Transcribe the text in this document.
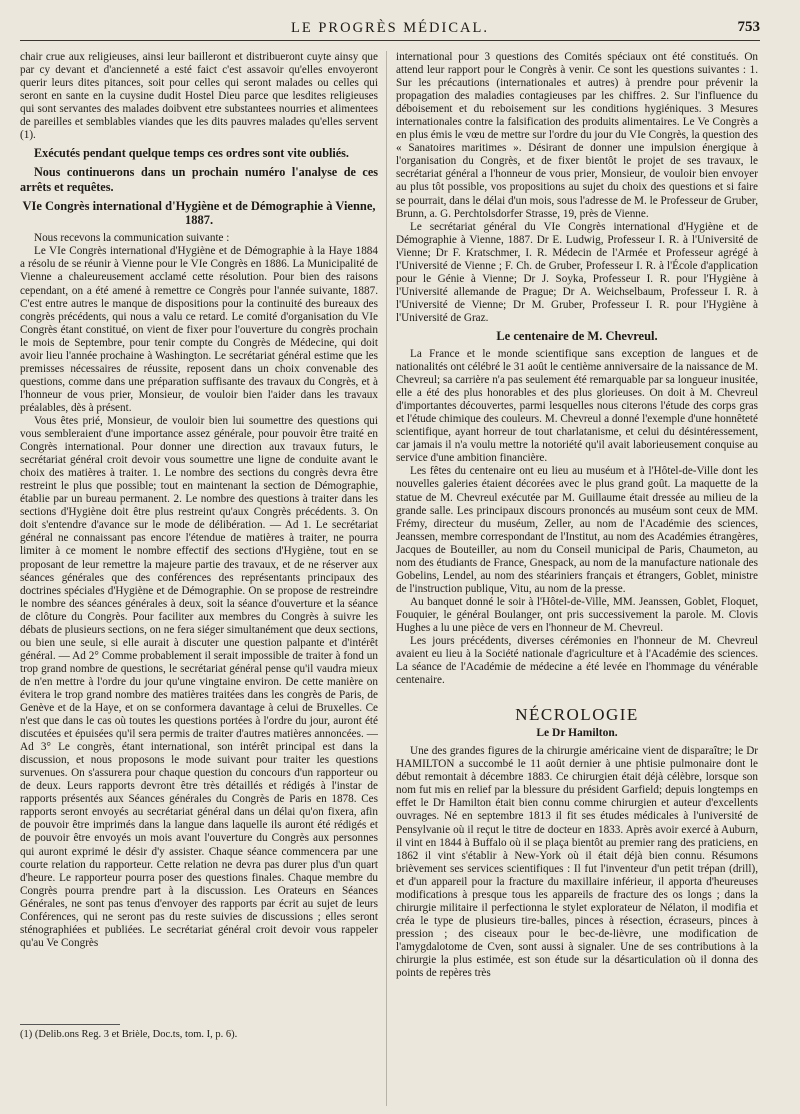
LE PROGRÈS MÉDICAL.	753

chair crue aux religieuses, ainsi leur bailleront et distribueront cuyte ainsy que par cy devant et d'ancienneté a esté faict c'est assavoir qu'elles envoyeront querir leurs dites pitances, soit pour celles qui seront malades ou celles qui seront en sante en la cuysine dudit Hostel Dieu parce que lesdites religieuses qui sont servantes des malades doibvent etre substantees nourries et alimentees de pareilles et semblables viandes que les dits pauvres malades qu'elles servent (1).

Exécutés pendant quelque temps ces ordres sont vite oubliés.

Nous continuerons dans un prochain numéro l'analyse de ces arrêts et requêtes.

VIe Congrès international d'Hygiène et de Démographie à Vienne, 1887.

Nous recevons la communication suivante :

Le VIe Congrès international d'Hygiène et de Démographie à la Haye 1884 a résolu de se réunir à Vienne pour le VIe Congrès en 1886. La Municipalité de Vienne a chaleureusement acclamé cette résolution. Pour bien des raisons cependant, on a été amené à remettre ce Congrès pour l'année suivante, 1887. C'est entre autres le manque de dispositions pour la continuité des bureaux des congrès précédents, qui nous a valu ce retard. Le comité d'organisation du VIe Congrès étant constitué, on vient de fixer pour l'ouverture du congrès prochain le mois de Septembre, pour tenir compte du Congrès de Médecine, qui doit avoir lieu l'année prochaine à Washington. Le secrétariat général estime que les premisses nécessaires de réussite, reposent dans un choix convenable des questions, comme dans une préparation suffisante des travaux du Congrès, et à l'honneur de vous prier, Monsieur, de vouloir bien l'aider dans les travaux préalables, dès à présent.

Vous êtes prié, Monsieur, de vouloir bien lui soumettre des questions qui vous sembleraient d'une importance assez générale, pour pouvoir être traité en Congrès international. Pour donner une direction aux travaux futurs, le secrétariat général croit devoir vous soumettre une ligne de conduite avant le choix des matières à traiter. 1. Le nombre des sections du congrès devra être restreint le plus que possible; tout en maintenant la section de Démographie, établie par un bureau permanent. 2. Le nombre des questions à traiter dans les sections d'Hygiène doit être plus restreint qu'aux Congrès précédents. 3. On doit s'entendre d'avance sur le mode de délibération. — Ad 1. Le secrétariat général ne connaissant pas encore l'étendue de matières à traiter, ne pourra limiter à ce moment le nombre effectif des sections d'Hygiène, tout en se proposant de leur remettre la majeure partie des travaux, et de ne réserver aux séances générales que des conférences des représentants principaux des doctrines spéciales d'Hygiène et de Démographie. On se propose de restreindre le nombre des séances générales à deux, soit la séance d'ouverture et la séance de clôture du Congrès. Pour faciliter aux membres du Congrès à suivre les débats de plusieurs sections, on ne fera siéger simultanément que deux sections, ou bien une seule, si elle aurait à discuter une question palpante et d'intérêt général. — Ad 2° Comme probablement il serait impossible de traiter à fond un trop grand nombre de questions, le secrétariat général pense qu'il vaudra mieux de n'en mettre à l'ordre du jour qu'une vingtaine environ. De cette manière on évitera le trop grand nombre des matières traitées dans les congrès de Paris, de Genève et de la Haye, et on se conformera davantage à celui de Bruxelles. Ce n'est que dans le cas où toutes les questions portées à l'ordre du jour, auront été discutées et épuisées qu'il sera permis de traiter d'autres matières annoncées. — Ad 3° Le congrès, étant international, son intérêt principal est dans la discussion, et nous proposons le mode suivant pour traiter les questions survenues. On s'assurera pour chaque question du concours d'un rapporteur ou de deux. Leurs rapports devront être très détaillés et rédigés à l'instar de rapports présentés aux Séances générales du Congrès de Paris en 1878. Ces rapports seront envoyés au secrétariat général dans un délai qu'on fixera, afin de pouvoir être imprimés dans la langue dans laquelle ils auront été rédigés et de pouvoir être envoyés un mois avant l'ouverture du Congrès aux personnes qui auront exprimé le désir d'y assister. Chaque séance commencera par une courte relation du rapporteur. Cette relation ne devra pas durer plus d'un quart d'heure. Le rapporteur pourra poser des questions finales. Chaque membre du Congrès pourra prendre part à la discussion. Les Orateurs en Séances Générales, ne sont pas tenus d'envoyer des rapports par écrit au sujet de leurs Conférences, qui ne seront pas du reste suivies de discussions ; elles seront sténographiées et publiées. Le secrétariat général croit devoir vous rappeler qu'au Ve Congrès

(1) (Delib.ons Reg. 3 et Brièle, Doc.ts, tom. I, p. 6).

international pour 3 questions des Comités spéciaux ont été constitués. On attend leur rapport pour le Congrès à venir. Ce sont les questions suivantes : 1. Sur les précautions (internationales et autres) à prendre pour prévenir la propagation des maladies contagieuses par les chiffres. 2. Sur l'influence du déboisement et du reboisement sur les conditions hygiéniques. 3 Mesures internationales contre la falsification des produits alimentaires. Le Ve Congrès a en plus émis le vœu de mettre sur l'ordre du jour du VIe Congrès, la question des « Sanatoires maritimes ». Désirant de donner une impulsion énergique à l'organisation du Congrès, et de fixer bientôt le projet de ses travaux, le secrétariat général a l'honneur de vous prier, Monsieur, de vouloir bien envoyer au plus tôt possible, vos propositions au sujet du choix des questions et si faire se pourrait, dans le délai d'un mois, sous l'adresse de M. le Professeur de Gruber, Brunn, a. G. Perchtolsdorfer Strasse, 19, près de Vienne.

Le secrétariat général du VIe Congrès international d'Hygiène et de Démographie à Vienne, 1887. Dr E. Ludwig, Professeur I. R. à l'Université de Vienne; Dr F. Kratschmer, I. R. Médecin de l'Armée et Professeur agrégé à l'Université de Vienne ; F. Ch. de Gruber, Professeur I. R. à l'École d'application pour le Génie à Vienne; Dr J. Soyka, Professeur I. R. pour l'Hygiène à l'Université allemande de Prague; Dr A. Weichselbaum, Professeur I. R. à l'Université de Vienne; Dr M. Gruber, Professeur I. R. pour l'Hygiène à l'Université de Graz.

Le centenaire de M. Chevreul.

La France et le monde scientifique sans exception de langues et de nationalités ont célébré le 31 août le centième anniversaire de la naissance de M. Chevreul; sa carrière n'a pas seulement été remarquable par sa longueur inusitée, elle a été des plus honorables et des plus glorieuses. On doit à M. Chevreul d'importantes découvertes, parmi lesquelles nous citerons l'étude des corps gras et l'étude chimique des couleurs. M. Chevreul a donné l'exemple d'une honnêteté scientifique, ayant horreur de tout charlatanisme, et celui du désintéressement, car jamais il n'a voulu mettre la notoriété qu'il avait laborieusement conquise au service d'une ambition financière.

Les fêtes du centenaire ont eu lieu au muséum et à l'Hôtel-de-Ville dont les nouvelles galeries étaient décorées avec le plus grand goût. La maquette de la statue de M. Chevreul exécutée par M. Guillaume était dressée au milieu de la grande salle. Les principaux discours prononcés au muséum sont ceux de MM. Frémy, directeur du muséum, Zeller, au nom de l'Académie des sciences, Jeanssen, membre correspondant de l'Institut, au nom des Académies étrangères, Jacques de Bouteiller, au nom du Conseil municipal de Paris, Chaumeton, au nom des étudiants de France, Gnespack, au nom de la manufacture nationale des Gobelins, Lendel, au nom des stéariniers français et étrangers, Goblet, ministre de l'instruction publique, Vitu, au nom de la presse.

Au banquet donné le soir à l'Hôtel-de-Ville, MM. Jeanssen, Goblet, Floquet, Fouquier, le général Boulanger, ont pris successivement la parole. M. Clovis Hughes a lu une pièce de vers en l'honneur de M. Chevreul.

Les jours précédents, diverses cérémonies en l'honneur de M. Chevreul avaient eu lieu à la Société nationale d'agriculture et à l'Académie des sciences. La séance de l'Académie de médecine a été levée en l'hommage du vénérable centenaire.

NÉCROLOGIE
Le Dr Hamilton.

Une des grandes figures de la chirurgie américaine vient de disparaître; le Dr HAMILTON a succombé le 11 août dernier à une phtisie pulmonaire dont le début remontait à décembre 1883. Ce chirurgien était déjà célèbre, lorsque son nom fut mis en relief par la blessure du président Garfield; depuis longtemps en effet le Dr Hamilton était bien connu comme chirurgien et auteur d'excellents ouvrages. Né en septembre 1813 il fit ses études médicales à l'université de Pensylvanie où il reçut le titre de docteur en 1833. Après avoir exercé à Auburn, il vint en 1844 à Buffalo où il se plaça bientôt au premier rang des praticiens, en 1862 il vint s'établir à New-York où il était déjà bien connu. Résumons brièvement ses services scientifiques : Il fut l'inventeur d'un petit trépan (drill), et d'un appareil pour la fracture du maxillaire inférieur, il apporta d'heureuses modifications à presque tous les appareils de fracture des os longs ; dans la chirurgie militaire il perfectionna le stylet explorateur de Nélaton, il modifia et créa le type de plusieurs tire-balles, pinces à résection, écraseurs, pinces à pression ; des ciseaux pour le bec-de-lièvre, une modification de l'amygdalotome de Cven, sont aussi à signaler. Une de ses contributions à la chirurgie la plus estimée, est son étude sur la désarticulation où il donna des points de repères très
